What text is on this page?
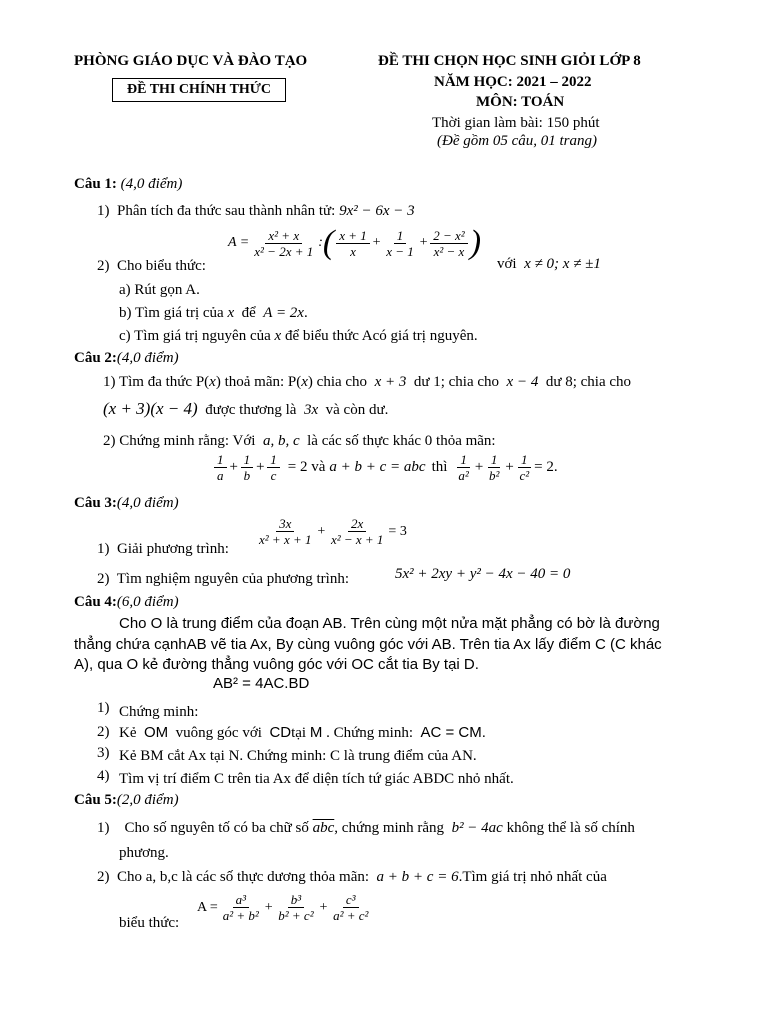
PHÒNG GIÁO DỤC VÀ ĐÀO TẠO
ĐỀ THI CHÍNH THỨC
ĐỀ THI CHỌN HỌC SINH GIỎI LỚP 8
NĂM HỌC: 2021 – 2022
MÔN: TOÁN
Thời gian làm bài: 150 phút
(Đề gồm 05 câu, 01 trang)
Câu 1: (4,0 điểm)
1) Phân tích đa thức sau thành nhân tử: 9x² − 6x − 3
$A = \frac{\text{x² + x}}{\text{x² − 2x + 1}}$ : ( $\frac{x + 1}{x} + \frac{1}{x - 1} + \frac{\text{2 − x²}}{\text{x² − x}}$ )
2) Cho biểu thức:	với x ≠ 0; x ≠ ±1
a) Rút gọn A.
b) Tìm giá trị của x để A = 2x.
c) Tìm giá trị nguyên của x để biểu thức Acó giá trị nguyên.
Câu 2:(4,0 điểm)
1) Tìm đa thức P(x) thoả mãn: P(x) chia cho x + 3 dư 1; chia cho x − 4 dư 8; chia cho
(x + 3)(x − 4) được thương là 3x và còn dư.
2) Chứng minh rằng: Với a, b, c là các số thực khác 0 thỏa mãn:
$\frac{1}{a} + \frac{1}{b} + \frac{1}{c} = 2$ và a + b + c = abc thì $\frac{1}{\text{a²}} + \frac{1}{\text{b²}} + \frac{1}{\text{c²}} = 2$.
Câu 3:(4,0 điểm)
$\frac{3x}{\text{x² + x + 1}} + \frac{2x}{\text{x² − x + 1}} = 3$
1) Giải phương trình:
2) Tìm nghiệm nguyên của phương trình:	5x² + 2xy + y² − 4x − 40 = 0
Câu 4:(6,0 điểm)
Cho O là trung điểm của đoạn AB. Trên cùng một nửa mặt phẳng có bờ là đường
thẳng chứa cạnhAB vẽ tia Ax, By cùng vuông góc với AB. Trên tia Ax lấy điểm C (C khác
A), qua O kẻ đường thẳng vuông góc với OC cắt tia By tại D.
AB² = 4AC.BD
1) Chứng minh:
2) Kẻ OM vuông góc với CDtại M . Chứng minh: AC = CM.
3) Kẻ BM cắt Ax tại N. Chứng minh: C là trung điểm của AN.
4) Tìm vị trí điểm C trên tia Ax để diện tích tứ giác ABDC nhỏ nhất.
Câu 5:(2,0 điểm)
1) Cho số nguyên tố có ba chữ số $\overline{abc}$, chứng minh rằng b² − 4ac không thể là số chính
phương.
2) Cho a, b,c là các số thực dương thỏa mãn: a + b + c = 6.Tìm giá trị nhỏ nhất của
biểu thức:
$A = \frac{\text{a³}}{\text{a² + b²}} + \frac{\text{b³}}{\text{b² + c²}} + \frac{\text{c³}}{\text{a² + c²}}$
